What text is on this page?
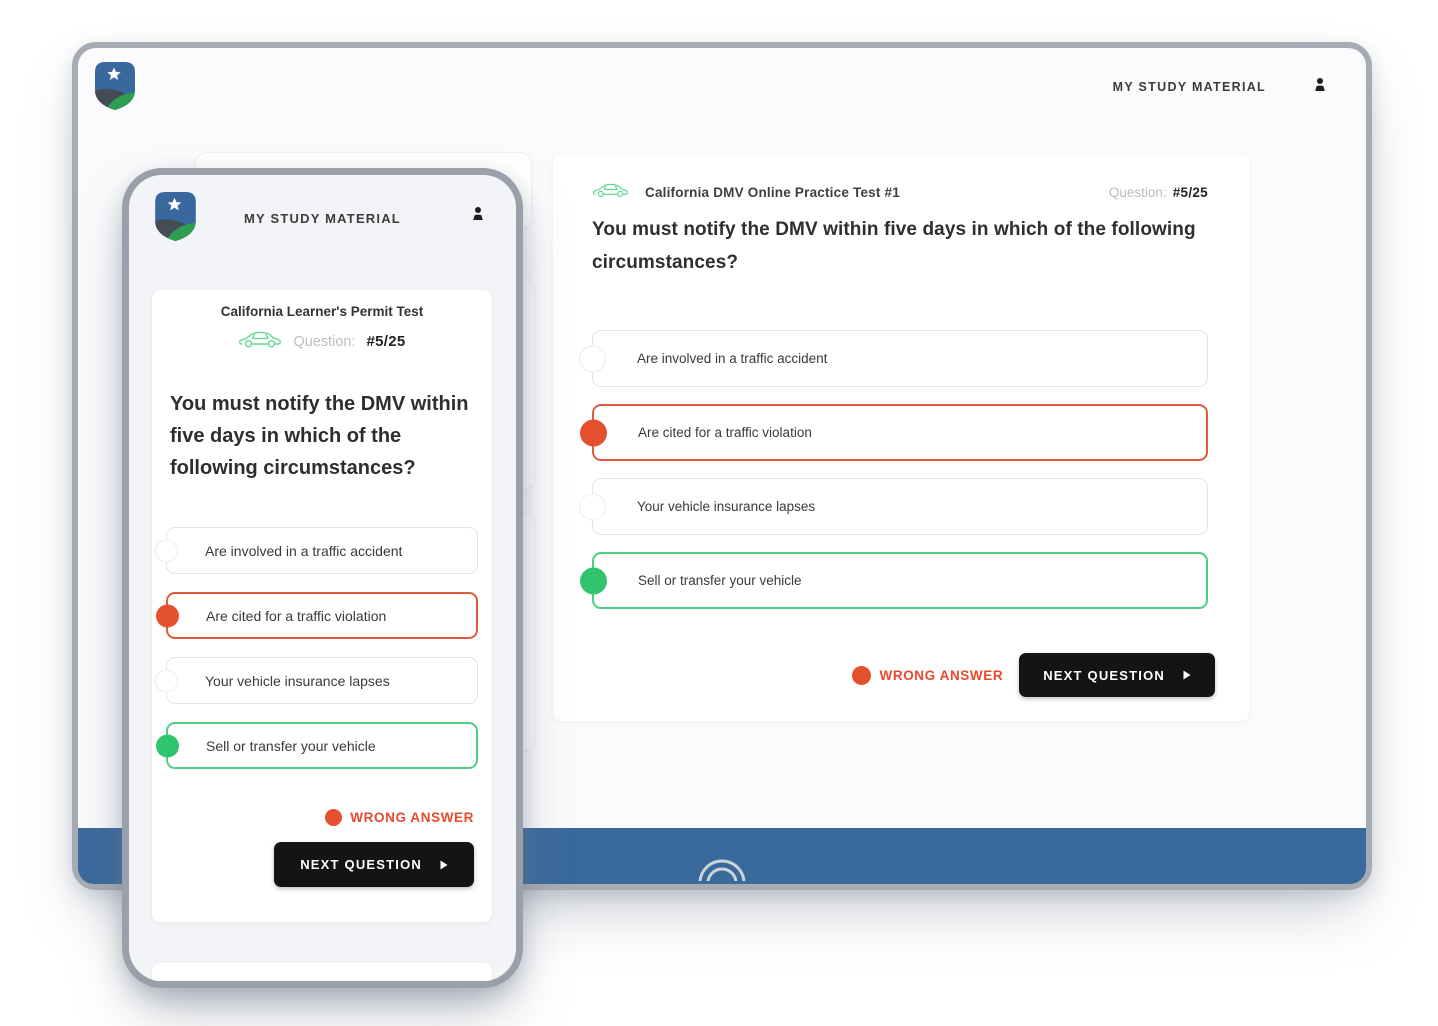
MY STUDY MATERIAL
California DMV Online Practice Test #1	Question: #5/25
You must notify the DMV within five days in which of the following circumstances?
Are involved in a traffic accident
Are cited for a traffic violation
Your vehicle insurance lapses
Sell or transfer your vehicle
WRONG ANSWER	NEXT QUESTION
MY STUDY MATERIAL
California Learner's Permit Test
Question: #5/25
You must notify the DMV within five days in which of the following circumstances?
Are involved in a traffic accident
Are cited for a traffic violation
Your vehicle insurance lapses
Sell or transfer your vehicle
WRONG ANSWER
NEXT QUESTION
